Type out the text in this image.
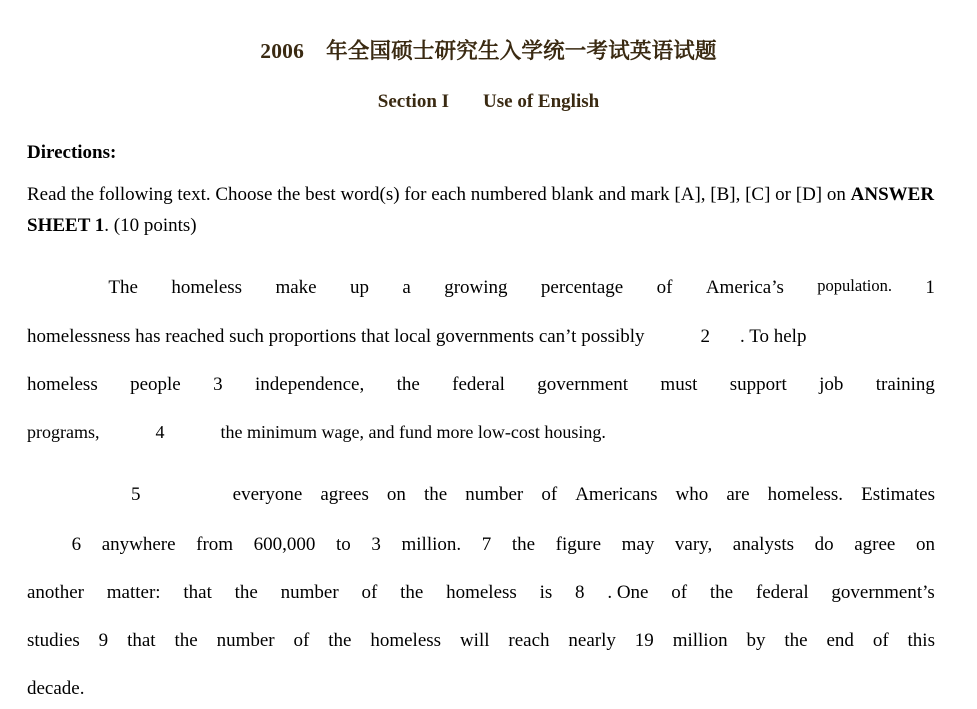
2006 年全国硕士研究生入学统一考试英语试题
Section I Use of English

Directions:

Read the following text. Choose the best word(s) for each numbered blank and mark [A], [B], [C] or [D] on ANSWER SHEET 1. (10 points)

The homeless make up a growing percentage of America’s population. 1
homelessness has reached such proportions that local governments can’t possibly	2 . To help
homeless people 3 independence, the federal government must support job training
programs,	4	the minimum wage, and fund more low-cost housing.
5	everyone agrees on the number of Americans who are homeless. Estimates
6 anywhere from 600,000 to 3 million. 7 the figure may vary, analysts do agree on
another matter: that the number of the homeless is 8 . One of the federal government’s
studies 9 that the number of the homeless will reach nearly 19 million by the end of this
decade.
